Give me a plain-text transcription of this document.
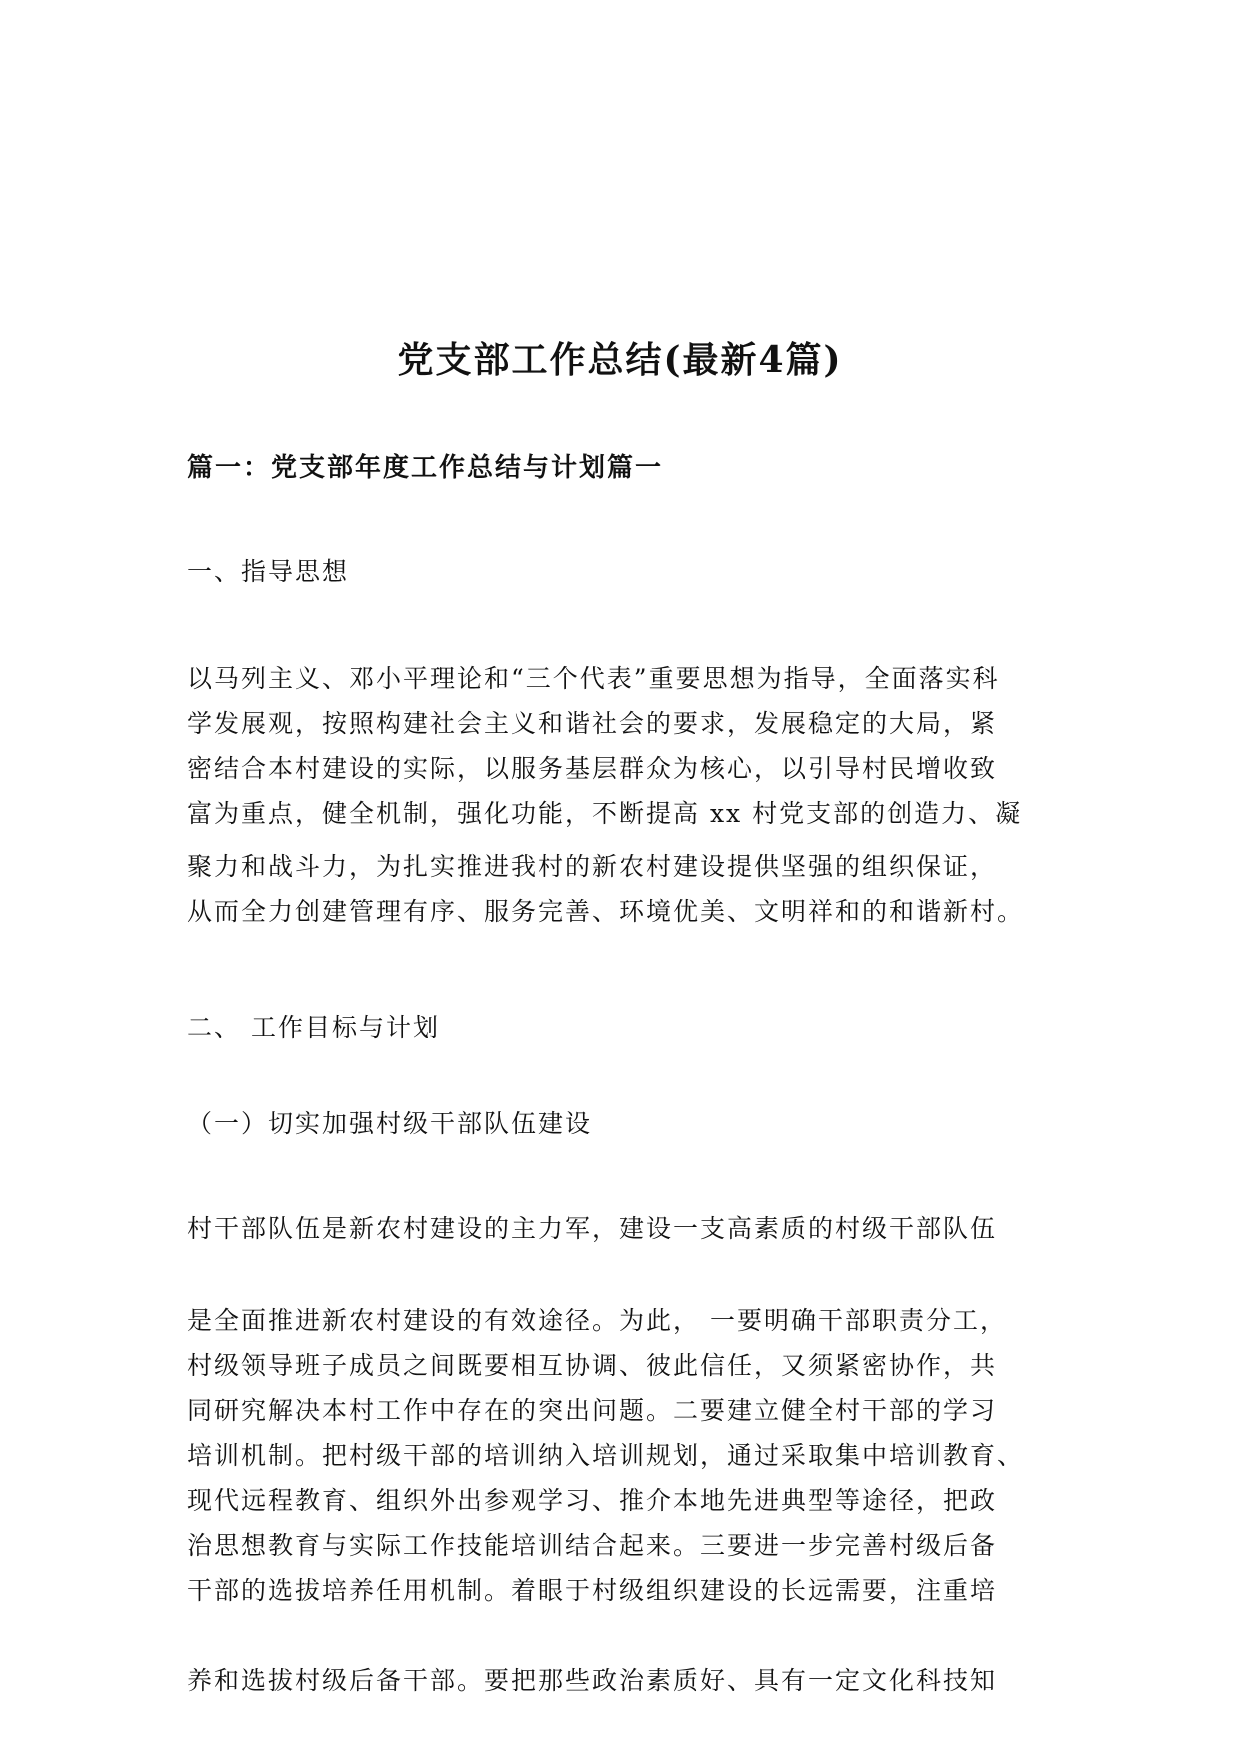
党支部工作总结(最新4篇)
篇一：党支部年度工作总结与计划篇一
一、指导思想
以马列主义、邓小平理论和“三个代表”重要思想为指导，全面落实科
学发展观，按照构建社会主义和谐社会的要求，发展稳定的大局，紧
密结合本村建设的实际，以服务基层群众为核心，以引导村民增收致
富为重点，健全机制，强化功能，不断提高 xx 村党支部的创造力、凝
聚力和战斗力，为扎实推进我村的新农村建设提供坚强的组织保证，
从而全力创建管理有序、服务完善、环境优美、文明祥和的和谐新村。
二、 工作目标与计划
（一）切实加强村级干部队伍建设
村干部队伍是新农村建设的主力军，建设一支高素质的村级干部队伍
是全面推进新农村建设的有效途径。为此， 一要明确干部职责分工，
村级领导班子成员之间既要相互协调、彼此信任，又须紧密协作，共
同研究解决本村工作中存在的突出问题。二要建立健全村干部的学习
培训机制。把村级干部的培训纳入培训规划，通过采取集中培训教育、
现代远程教育、组织外出参观学习、推介本地先进典型等途径，把政
治思想教育与实际工作技能培训结合起来。三要进一步完善村级后备
干部的选拔培养任用机制。着眼于村级组织建设的长远需要，注重培
养和选拔村级后备干部。要把那些政治素质好、具有一定文化科技知
